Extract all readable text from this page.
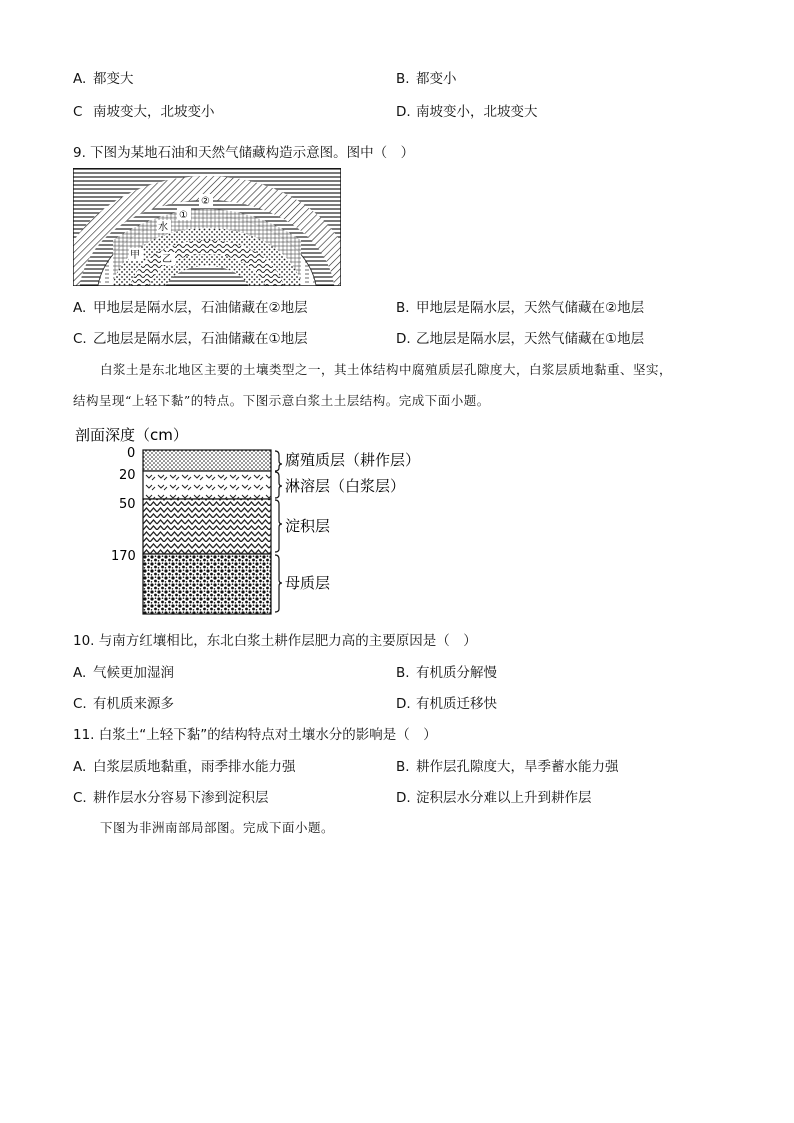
A. 都变大	B. 都变小
C 南坡变大，北坡变小	D. 南坡变小，北坡变大
9. 下图为某地石油和天然气储藏构造示意图。图中（　）
②
①
水
甲 乙
A. 甲地层是隔水层，石油储藏在②地层	B. 甲地层是隔水层，天然气储藏在②地层
C. 乙地层是隔水层，石油储藏在①地层	D. 乙地层是隔水层，天然气储藏在①地层
白浆土是东北地区主要的土壤类型之一，其土体结构中腐殖质层孔隙度大，白浆层质地黏重、坚实，
结构呈现“上轻下黏”的特点。下图示意白浆土土层结构。完成下面小题。
剖面深度（cm）
0
20
50
170
腐殖质层（耕作层）
淋溶层（白浆层）
淀积层
母质层
10. 与南方红壤相比，东北白浆土耕作层肥力高的主要原因是（　）
A. 气候更加湿润	B. 有机质分解慢
C. 有机质来源多	D. 有机质迁移快
11. 白浆土“上轻下黏”的结构特点对土壤水分的影响是（　）
A. 白浆层质地黏重，雨季排水能力强	B. 耕作层孔隙度大，旱季蓄水能力强
C. 耕作层水分容易下渗到淀积层	D. 淀积层水分难以上升到耕作层
下图为非洲南部局部图。完成下面小题。
